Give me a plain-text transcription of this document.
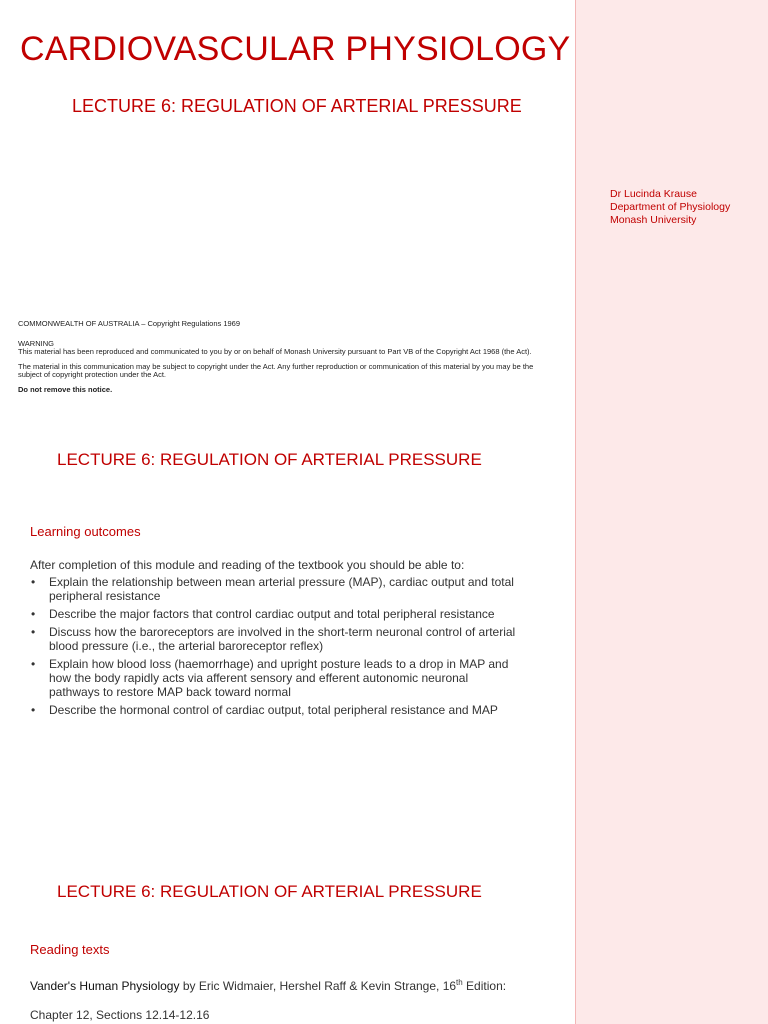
CARDIOVASCULAR PHYSIOLOGY
LECTURE 6: REGULATION OF ARTERIAL PRESSURE
Dr Lucinda Krause
Department of Physiology
Monash University

COMMONWEALTH OF AUSTRALIA – Copyright Regulations 1969

WARNING

This material has been reproduced and communicated to you by or on behalf of Monash University pursuant to Part VB of the Copyright Act 1968 (the Act).

The material in this communication may be subject to copyright under the Act. Any further reproduction or communication of this material by you may be the subject of copyright protection under the Act.

Do not remove this notice.

LECTURE 6: REGULATION OF ARTERIAL PRESSURE
Learning outcomes
After completion of this module and reading of the textbook you should be able to:
• Explain the relationship between mean arterial pressure (MAP), cardiac output and total peripheral resistance
• Describe the major factors that control cardiac output and total peripheral resistance
• Discuss how the baroreceptors are involved in the short-term neuronal control of arterial blood pressure (i.e., the arterial baroreceptor reflex)
• Explain how blood loss (haemorrhage) and upright posture leads to a drop in MAP and how the body rapidly acts via afferent sensory and efferent autonomic neuronal pathways to restore MAP back toward normal
• Describe the hormonal control of cardiac output, total peripheral resistance and MAP
LECTURE 6: REGULATION OF ARTERIAL PRESSURE
Reading texts
Vander's Human Physiology by Eric Widmaier, Hershel Raff & Kevin Strange, 16th Edition:
Chapter 12, Sections 12.14-12.16
